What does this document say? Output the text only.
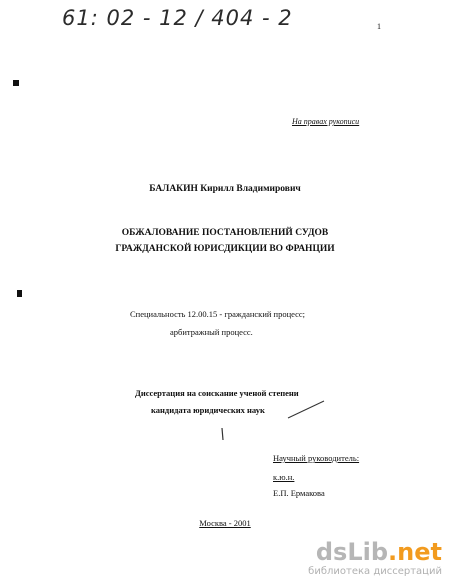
61: 02 - 12 / 404 - 2	1
На правах рукописи
БАЛАКИН Кирилл Владимирович
ОБЖАЛОВАНИЕ ПОСТАНОВЛЕНИЙ СУДОВ
ГРАЖДАНСКОЙ ЮРИСДИКЦИИ ВО ФРАНЦИИ
Специальность 12.00.15 - гражданский процесс;
арбитражный процесс.
Диссертация на соискание ученой степени
кандидата юридических наук
Научный руководитель:
к.ю.н.
Е.П. Ермакова
Москва - 2001
dsLib.net
библиотека диссертаций
